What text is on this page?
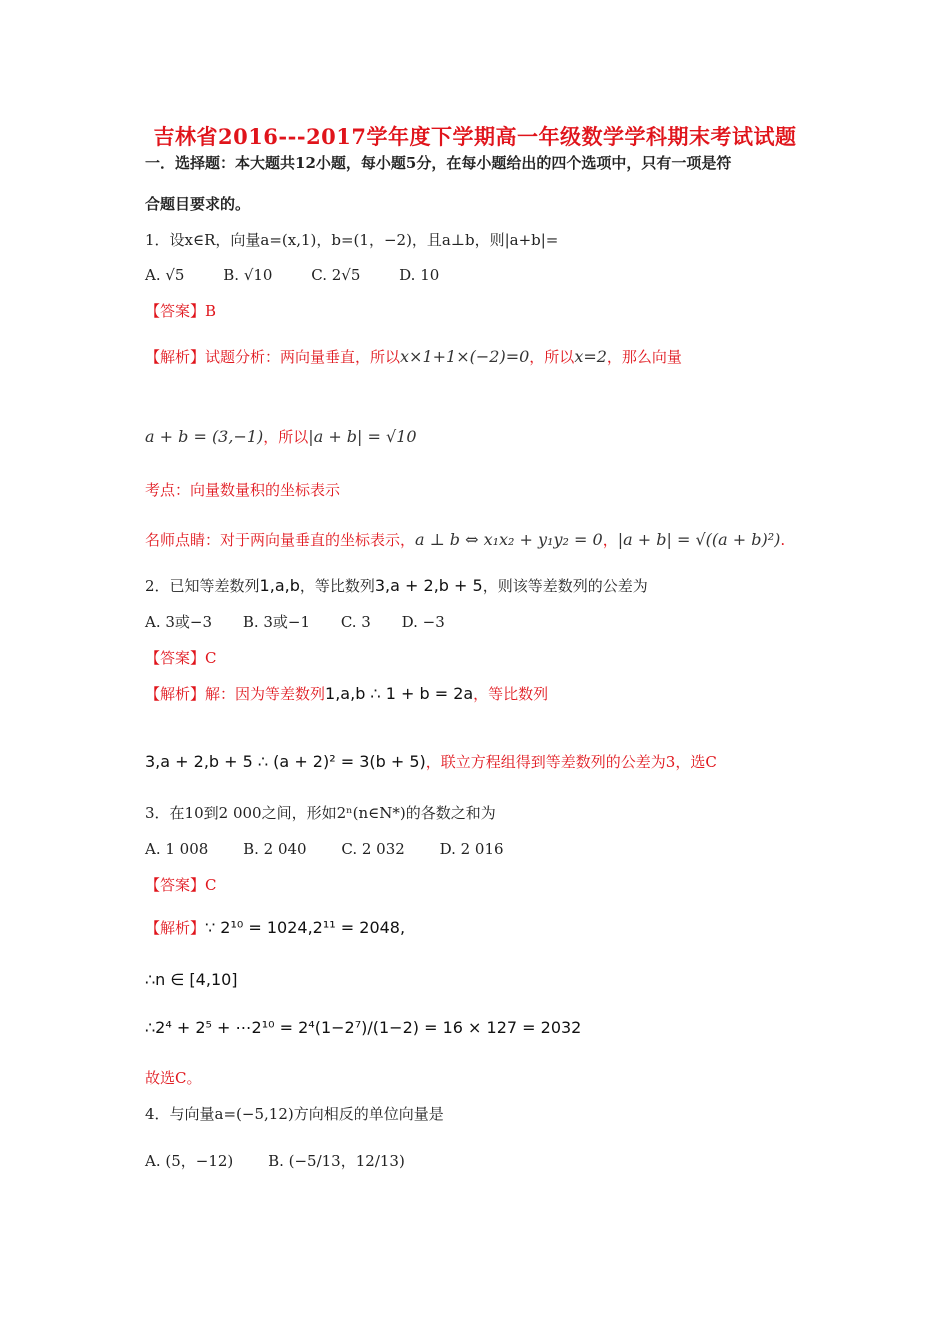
吉林省2016---2017学年度下学期高一年级数学学科期末考试试题
一．选择题：本大题共12小题，每小题5分，在每小题给出的四个选项中，只有一项是符
合题目要求的。
1．设x∈R，向量a=(x,1)，b=(1，−2)，且a⊥b，则|a+b|=
A. √5	B. √10	C. 2√5	D. 10
【答案】B
【解析】试题分析：两向量垂直，所以x×1+1×(−2)=0，所以x=2，那么向量
a + b = (3,−1)，所以|a + b| = √10
考点：向量数量积的坐标表示
名师点睛：对于两向量垂直的坐标表示，a ⊥ b ⇔ x₁x₂ + y₁y₂ = 0，|a + b| = √((a + b)²).
2．已知等差数列1,a,b，等比数列3,a + 2,b + 5，则该等差数列的公差为
A. 3或−3 B. 3或−1 C. 3 D. −3
【答案】C
【解析】解：因为等差数列1,a,b ∴ 1 + b = 2a，等比数列
3,a + 2,b + 5 ∴ (a + 2)² = 3(b + 5)，联立方程组得到等差数列的公差为3，选C
3．在10到2 000之间，形如2ⁿ(n∈N*)的各数之和为
A. 1 008 B. 2 040 C. 2 032 D. 2 016
【答案】C
【解析】∵ 2¹⁰ = 1024,2¹¹ = 2048,
∴n ∈ [4,10]
∴2⁴ + 2⁵ + ⋯2¹⁰ = 2⁴(1−2⁷)/(1−2) = 16 × 127 = 2032
故选C。
4．与向量a=(−5,12)方向相反的单位向量是
A. (5，−12) B. (−5/13，12/13)
